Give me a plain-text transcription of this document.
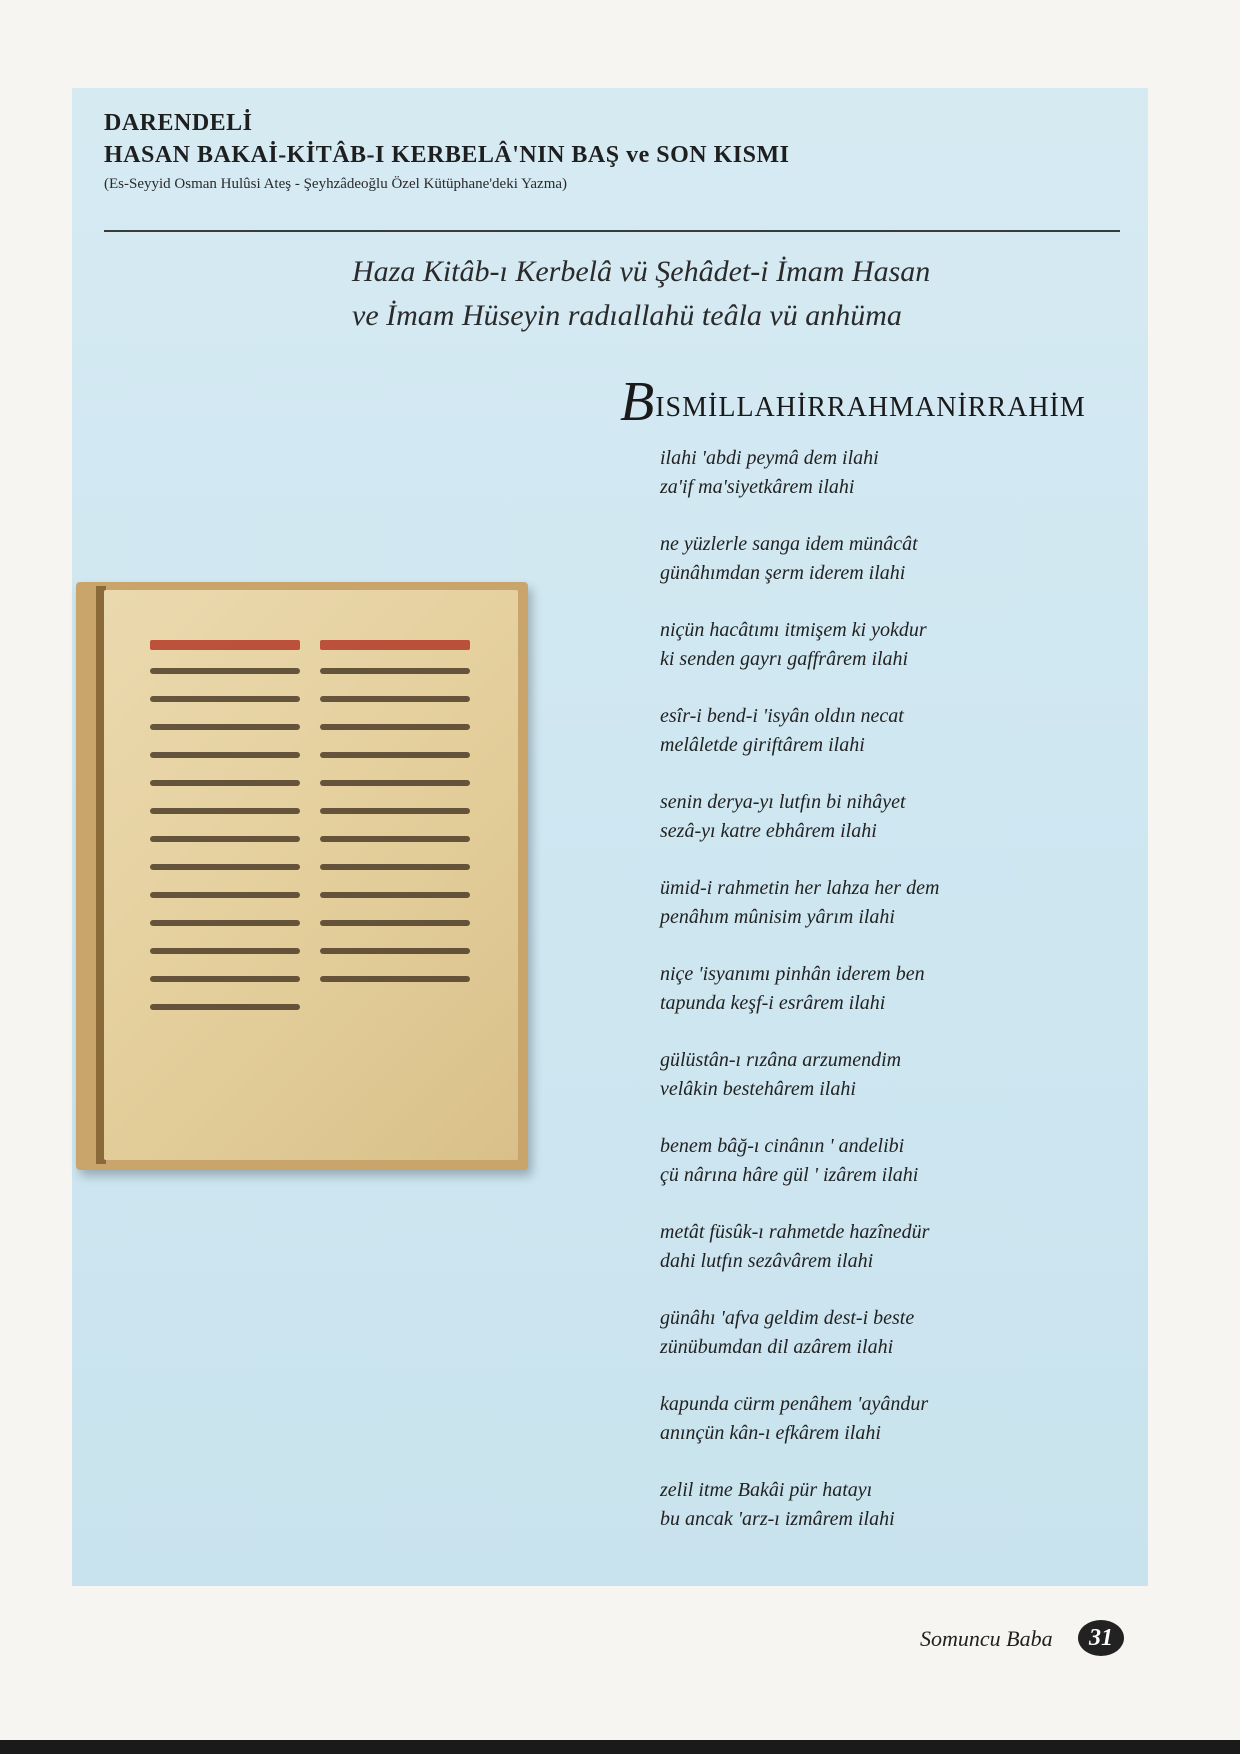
DARENDELİ
HASAN BAKAİ-KİTÂB-I KERBELÂ'NIN BAŞ ve SON KISMI
(Es-Seyyid Osman Hulûsi Ateş - Şeyhzâdeoğlu Özel Kütüphane'deki Yazma)
Haza Kitâb-ı Kerbelâ vü Şehâdet-i İmam Hasan
ve İmam Hüseyin radıallahü teâla vü anhüma
BISMİLLAHİRRAHMANİRRAHİM
ilahi 'abdi peymâ dem ilahi
za'if ma'siyetkârem ilahi
ne yüzlerle sanga idem münâcât
günâhımdan şerm iderem ilahi
niçün hacâtımı itmişem ki yokdur
ki senden gayrı gaffrârem ilahi
esîr-i bend-i 'isyân oldın necat
melâletde giriftârem ilahi
senin derya-yı lutfın bi nihâyet
sezâ-yı katre ebhârem ilahi
ümid-i rahmetin her lahza her dem
penâhım mûnisim yârım ilahi
niçe 'isyanımı pinhân iderem ben
tapunda keşf-i esrârem ilahi
gülüstân-ı rızâna arzumendim
velâkin bestehârem ilahi
benem bâğ-ı cinânın ' andelibi
çü nârına hâre gül ' izârem ilahi
metât füsûk-ı rahmetde hazînedür
dahi lutfın sezâvârem ilahi
günâhı 'afva geldim dest-i beste
zünübumdan dil azârem ilahi
kapunda cürm penâhem 'ayândur
anınçün kân-ı efkârem ilahi
zelil itme Bakâi pür hatayı
bu ancak 'arz-ı izmârem ilahi
Somuncu Baba	31
